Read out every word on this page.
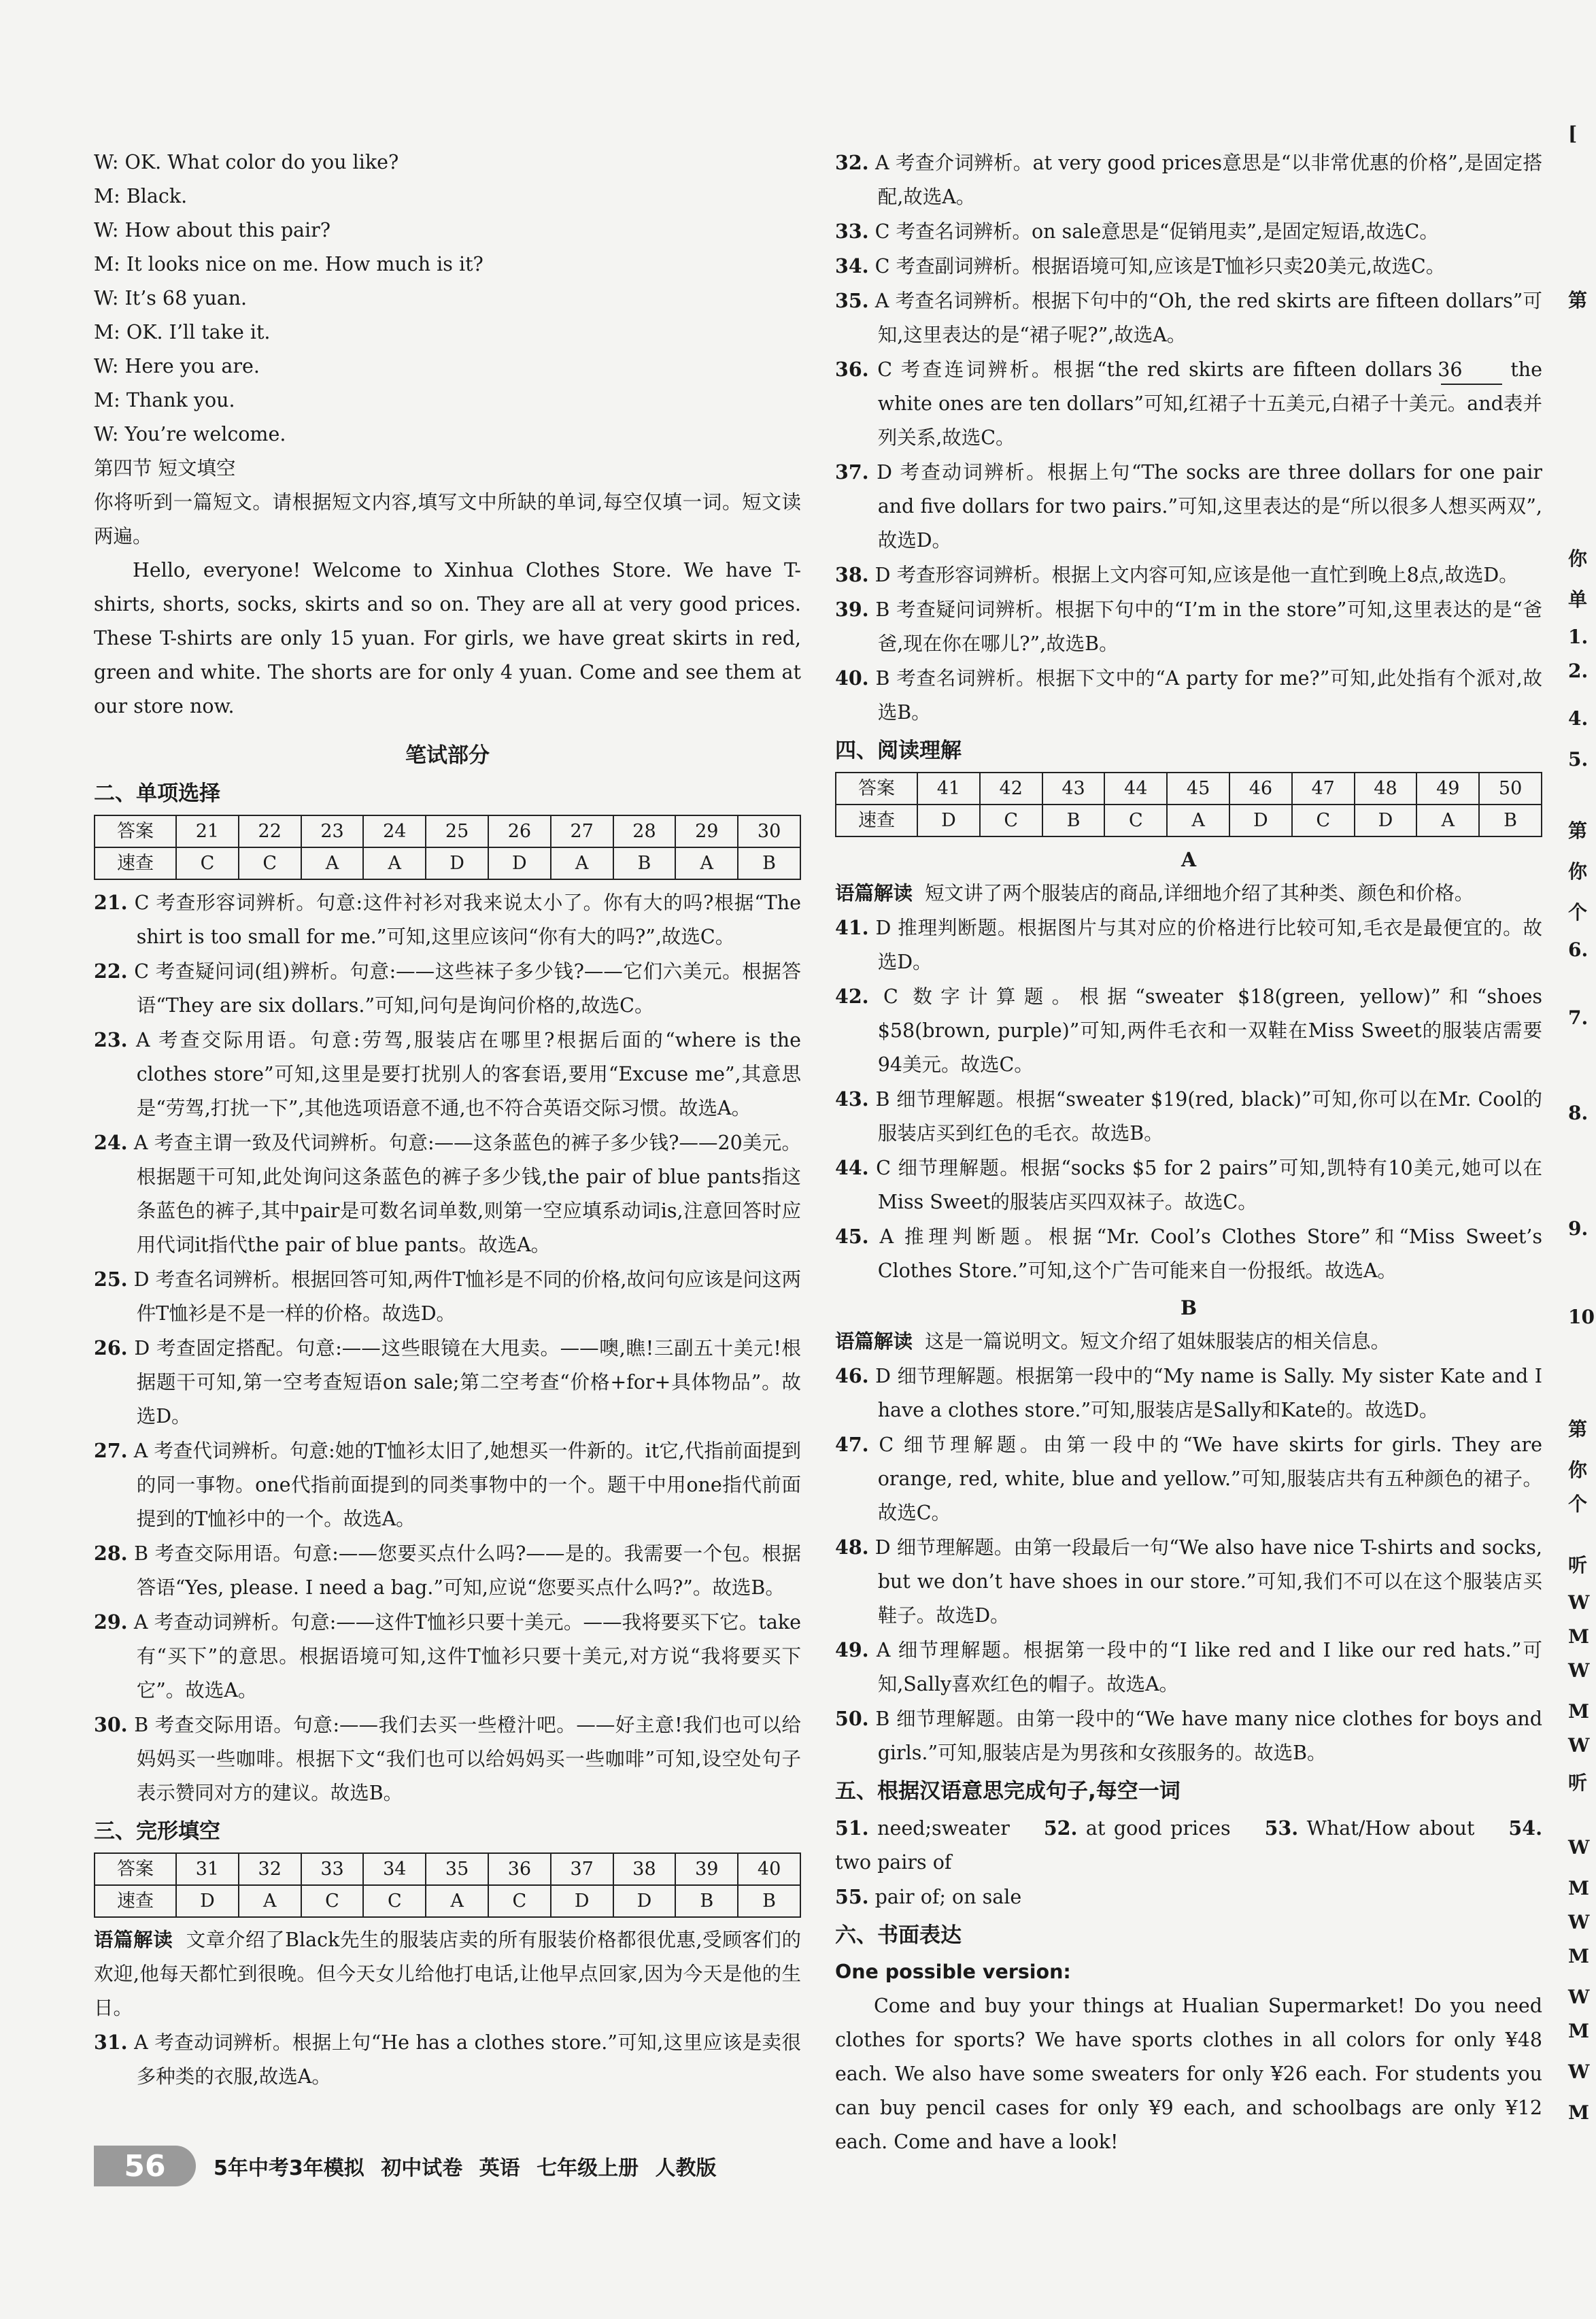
W: OK. What color do you like?

M: Black.

W: How about this pair?

M: It looks nice on me. How much is it?

W: It’s 68 yuan.

M: OK. I’ll take it.

W: Here you are.

M: Thank you.

W: You’re welcome.

第四节 短文填空

你将听到一篇短文。请根据短文内容,填写文中所缺的单词,每空仅填一词。短文读两遍。

Hello, everyone! Welcome to Xinhua Clothes Store. We have T-shirts, shorts, socks, skirts and so on. They are all at very good prices. These T-shirts are only 15 yuan. For girls, we have great skirts in red, green and white. The shorts are for only 4 yuan. Come and see them at our store now.

笔试部分
二、单项选择
答案	21	22	23	24	25	26	27	28	29	30
速查	C	C	A	A	D	D	A	B	A	B

21. C 考查形容词辨析。句意:这件衬衫对我来说太小了。你有大的吗?根据“The shirt is too small for me.”可知,这里应该问“你有大的吗?”,故选C。

22. C 考查疑问词(组)辨析。句意:——这些袜子多少钱?——它们六美元。根据答语“They are six dollars.”可知,问句是询问价格的,故选C。

23. A 考查交际用语。句意:劳驾,服装店在哪里?根据后面的“where is the clothes store”可知,这里是要打扰别人的客套语,要用“Excuse me”,其意思是“劳驾,打扰一下”,其他选项语意不通,也不符合英语交际习惯。故选A。

24. A 考查主谓一致及代词辨析。句意:——这条蓝色的裤子多少钱?——20美元。根据题干可知,此处询问这条蓝色的裤子多少钱,the pair of blue pants指这条蓝色的裤子,其中pair是可数名词单数,则第一空应填系动词is,注意回答时应用代词it指代the pair of blue pants。故选A。

25. D 考查名词辨析。根据回答可知,两件T恤衫是不同的价格,故问句应该是问这两件T恤衫是不是一样的价格。故选D。

26. D 考查固定搭配。句意:——这些眼镜在大甩卖。——噢,瞧!三副五十美元!根据题干可知,第一空考查短语on sale;第二空考查“价格+for+具体物品”。故选D。

27. A 考查代词辨析。句意:她的T恤衫太旧了,她想买一件新的。it它,代指前面提到的同一事物。one代指前面提到的同类事物中的一个。题干中用one指代前面提到的T恤衫中的一个。故选A。

28. B 考查交际用语。句意:——您要买点什么吗?——是的。我需要一个包。根据答语“Yes, please. I need a bag.”可知,应说“您要买点什么吗?”。故选B。

29. A 考查动词辨析。句意:——这件T恤衫只要十美元。——我将要买下它。take有“买下”的意思。根据语境可知,这件T恤衫只要十美元,对方说“我将要买下它”。故选A。

30. B 考查交际用语。句意:——我们去买一些橙汁吧。——好主意!我们也可以给妈妈买一些咖啡。根据下文“我们也可以给妈妈买一些咖啡”可知,设空处句子表示赞同对方的建议。故选B。

三、完形填空
答案	31	32	33	34	35	36	37	38	39	40
速查	D	A	C	C	A	C	D	D	B	B

语篇解读 文章介绍了Black先生的服装店卖的所有服装价格都很优惠,受顾客们的欢迎,他每天都忙到很晚。但今天女儿给他打电话,让他早点回家,因为今天是他的生日。

31. A 考查动词辨析。根据上句“He has a clothes store.”可知,这里应该是卖很多种类的衣服,故选A。

32. A 考查介词辨析。at very good prices意思是“以非常优惠的价格”,是固定搭配,故选A。

33. C 考查名词辨析。on sale意思是“促销甩卖”,是固定短语,故选C。

34. C 考查副词辨析。根据语境可知,应该是T恤衫只卖20美元,故选C。

35. A 考查名词辨析。根据下句中的“Oh, the red skirts are fifteen dollars”可知,这里表达的是“裙子呢?”,故选A。

36. C 考查连词辨析。根据“the red skirts are fifteen dollars 36 the white ones are ten dollars”可知,红裙子十五美元,白裙子十美元。and表并列关系,故选C。

37. D 考查动词辨析。根据上句“The socks are three dollars for one pair and five dollars for two pairs.”可知,这里表达的是“所以很多人想买两双”,故选D。

38. D 考查形容词辨析。根据上文内容可知,应该是他一直忙到晚上8点,故选D。

39. B 考查疑问词辨析。根据下句中的“I’m in the store”可知,这里表达的是“爸爸,现在你在哪儿?”,故选B。

40. B 考查名词辨析。根据下文中的“A party for me?”可知,此处指有个派对,故选B。

四、阅读理解
答案	41	42	43	44	45	46	47	48	49	50
速查	D	C	B	C	A	D	C	D	A	B
A

语篇解读 短文讲了两个服装店的商品,详细地介绍了其种类、颜色和价格。

41. D 推理判断题。根据图片与其对应的价格进行比较可知,毛衣是最便宜的。故选D。

42. C 数字计算题。根据“sweater $18(green, yellow)”和“shoes $58(brown, purple)”可知,两件毛衣和一双鞋在Miss Sweet的服装店需要94美元。故选C。

43. B 细节理解题。根据“sweater $19(red, black)”可知,你可以在Mr. Cool的服装店买到红色的毛衣。故选B。

44. C 细节理解题。根据“socks $5 for 2 pairs”可知,凯特有10美元,她可以在Miss Sweet的服装店买四双袜子。故选C。

45. A 推理判断题。根据“Mr. Cool’s Clothes Store”和“Miss Sweet’s Clothes Store.”可知,这个广告可能来自一份报纸。故选A。

B

语篇解读 这是一篇说明文。短文介绍了姐妹服装店的相关信息。

46. D 细节理解题。根据第一段中的“My name is Sally. My sister Kate and I have a clothes store.”可知,服装店是Sally和Kate的。故选D。

47. C 细节理解题。由第一段中的“We have skirts for girls. They are orange, red, white, blue and yellow.”可知,服装店共有五种颜色的裙子。故选C。

48. D 细节理解题。由第一段最后一句“We also have nice T-shirts and socks, but we don’t have shoes in our store.”可知,我们不可以在这个服装店买鞋子。故选D。

49. A 细节理解题。根据第一段中的“I like red and I like our red hats.”可知,Sally喜欢红色的帽子。故选A。

50. B 细节理解题。由第一段中的“We have many nice clothes for boys and girls.”可知,服装店是为男孩和女孩服务的。故选B。

五、根据汉语意思完成句子,每空一词

51. need;sweater 52. at good prices 53. What/How about 54. two pairs of

55. pair of; on sale

六、书面表达

One possible version:

Come and buy your things at Hualian Supermarket! Do you need clothes for sports? We have sports clothes in all colors for only ¥48 each. We also have some sweaters for only ¥26 each. For students you can buy pencil cases for only ¥9 each, and schoolbags are only ¥12 each. Come and have a look!

[
第
你
单
1.
2.
4.
5.
第
你
个
6.
7.
8.
9.
10
第
你
个
听
W
M
W
M
W
听
W
M
W
M
W
M
W
M
56	5年中考3年模拟 初中试卷 英语 七年级上册 人教版
